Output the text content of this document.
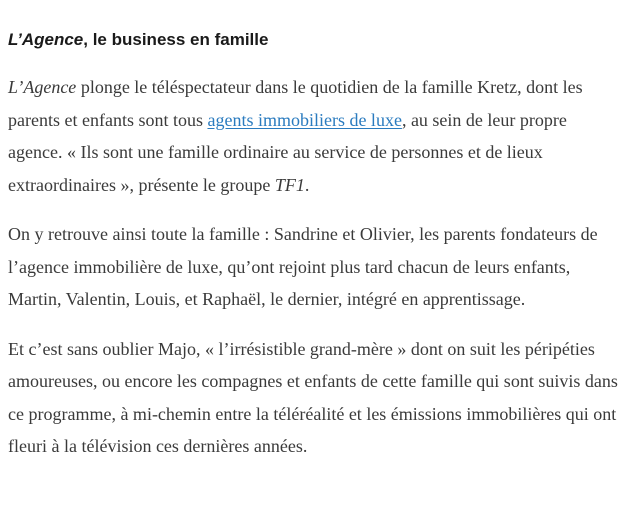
L’Agence, le business en famille

L’Agence plonge le téléspectateur dans le quotidien de la famille Kretz, dont les parents et enfants sont tous agents immobiliers de luxe, au sein de leur propre agence. « Ils sont une famille ordinaire au service de personnes et de lieux extraordinaires », présente le groupe TF1.

On y retrouve ainsi toute la famille : Sandrine et Olivier, les parents fondateurs de l’agence immobilière de luxe, qu’ont rejoint plus tard chacun de leurs enfants, Martin, Valentin, Louis, et Raphaël, le dernier, intégré en apprentissage.

Et c’est sans oublier Majo, « l’irrésistible grand-mère » dont on suit les péripéties amoureuses, ou encore les compagnes et enfants de cette famille qui sont suivis dans ce programme, à mi-chemin entre la téléréalité et les émissions immobilières qui ont fleuri à la télévision ces dernières années.
